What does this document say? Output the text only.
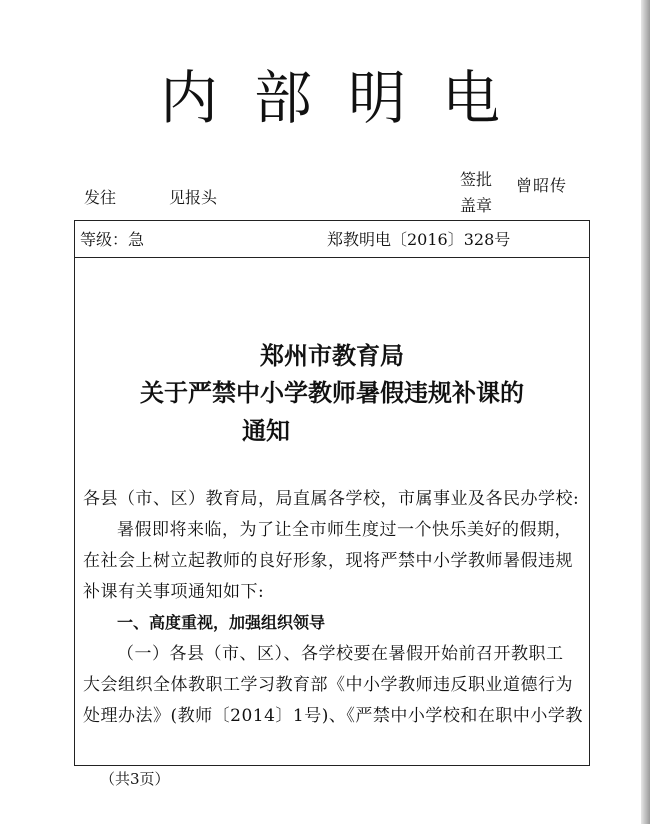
内 部 明 电
发往	见报头
签批
盖章
曾昭传
等级：急	郑教明电〔2016〕328号
郑州市教育局
关于严禁中小学教师暑假违规补课的
通知

各县（市、区）教育局，局直属各学校，市属事业及各民办学校:

暑假即将来临，为了让全市师生度过一个快乐美好的假期，

在社会上树立起教师的良好形象，现将严禁中小学教师暑假违规

补课有关事项通知如下:

一、高度重视，加强组织领导

（一）各县（市、区）、各学校要在暑假开始前召开教职工

大会组织全体教职工学习教育部《中小学教师违反职业道德行为

处理办法》(教师〔2014〕1号)、《严禁中小学校和在职中小学教

（共3页）
